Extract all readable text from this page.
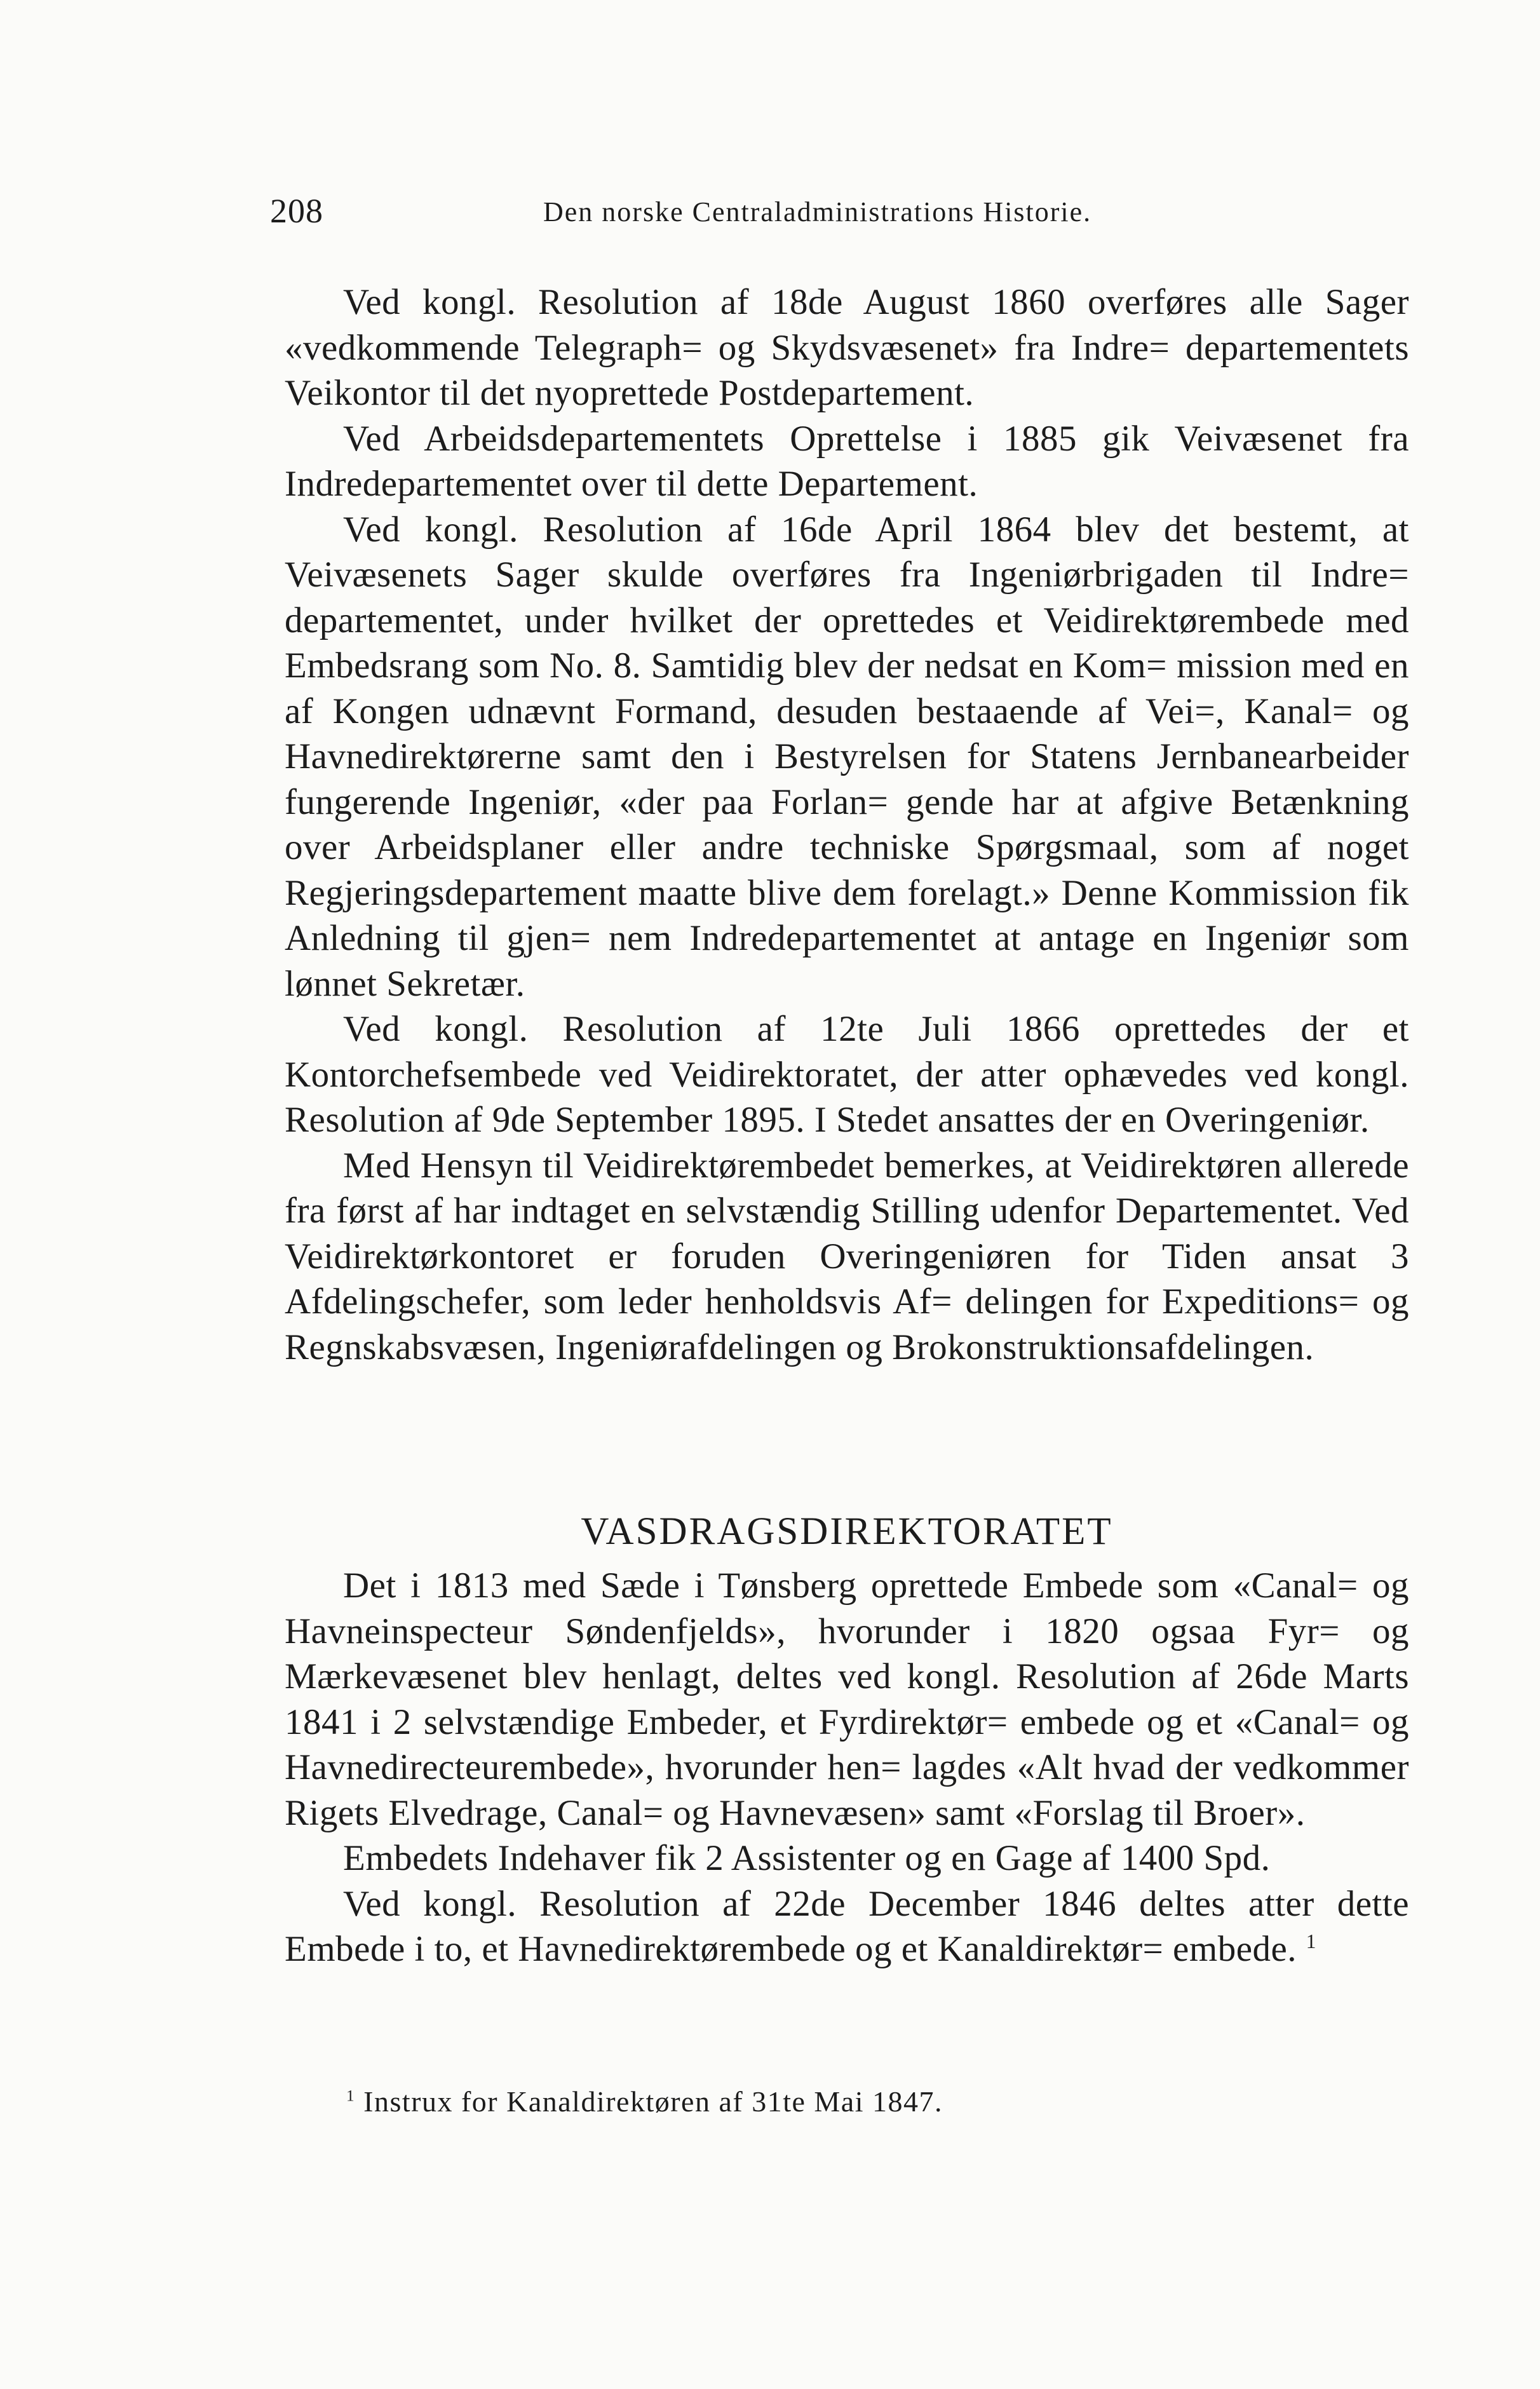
208	Den norske Centraladministrations Historie.

Ved kongl. Resolution af 18de August 1860 overføres alle Sager «vedkommende Telegraph= og Skydsvæsenet» fra Indre= departementets Veikontor til det nyoprettede Postdepartement.

Ved Arbeidsdepartementets Oprettelse i 1885 gik Veivæsenet fra Indredepartementet over til dette Departement.

Ved kongl. Resolution af 16de April 1864 blev det bestemt, at Veivæsenets Sager skulde overføres fra Ingeniørbrigaden til Indre= departementet, under hvilket der oprettedes et Veidirektørembede med Embedsrang som No. 8. Samtidig blev der nedsat en Kom= mission med en af Kongen udnævnt Formand, desuden bestaaende af Vei=, Kanal= og Havnedirektørerne samt den i Bestyrelsen for Statens Jernbanearbeider fungerende Ingeniør, «der paa Forlan= gende har at afgive Betænkning over Arbeidsplaner eller andre techniske Spørgsmaal, som af noget Regjeringsdepartement maatte blive dem forelagt.» Denne Kommission fik Anledning til gjen= nem Indredepartementet at antage en Ingeniør som lønnet Sekretær.

Ved kongl. Resolution af 12te Juli 1866 oprettedes der et Kontorchefsembede ved Veidirektoratet, der atter ophævedes ved kongl. Resolution af 9de September 1895. I Stedet ansattes der en Overingeniør.

Med Hensyn til Veidirektørembedet bemerkes, at Veidirektøren allerede fra først af har indtaget en selvstændig Stilling udenfor Departementet. Ved Veidirektørkontoret er foruden Overingeniøren for Tiden ansat 3 Afdelingschefer, som leder henholdsvis Af= delingen for Expeditions= og Regnskabsvæsen, Ingeniørafdelingen og Brokonstruktionsafdelingen.

VASDRAGSDIREKTORATET

Det i 1813 med Sæde i Tønsberg oprettede Embede som «Canal= og Havneinspecteur Søndenfjelds», hvorunder i 1820 ogsaa Fyr= og Mærkevæsenet blev henlagt, deltes ved kongl. Resolution af 26de Marts 1841 i 2 selvstændige Embeder, et Fyrdirektør= embede og et «Canal= og Havnedirecteurembede», hvorunder hen= lagdes «Alt hvad der vedkommer Rigets Elvedrage, Canal= og Havnevæsen» samt «Forslag til Broer».

Embedets Indehaver fik 2 Assistenter og en Gage af 1400 Spd.

Ved kongl. Resolution af 22de December 1846 deltes atter dette Embede i to, et Havnedirektørembede og et Kanaldirektør= embede. $^1$

$^1$ Instrux for Kanaldirektøren af 31te Mai 1847.
